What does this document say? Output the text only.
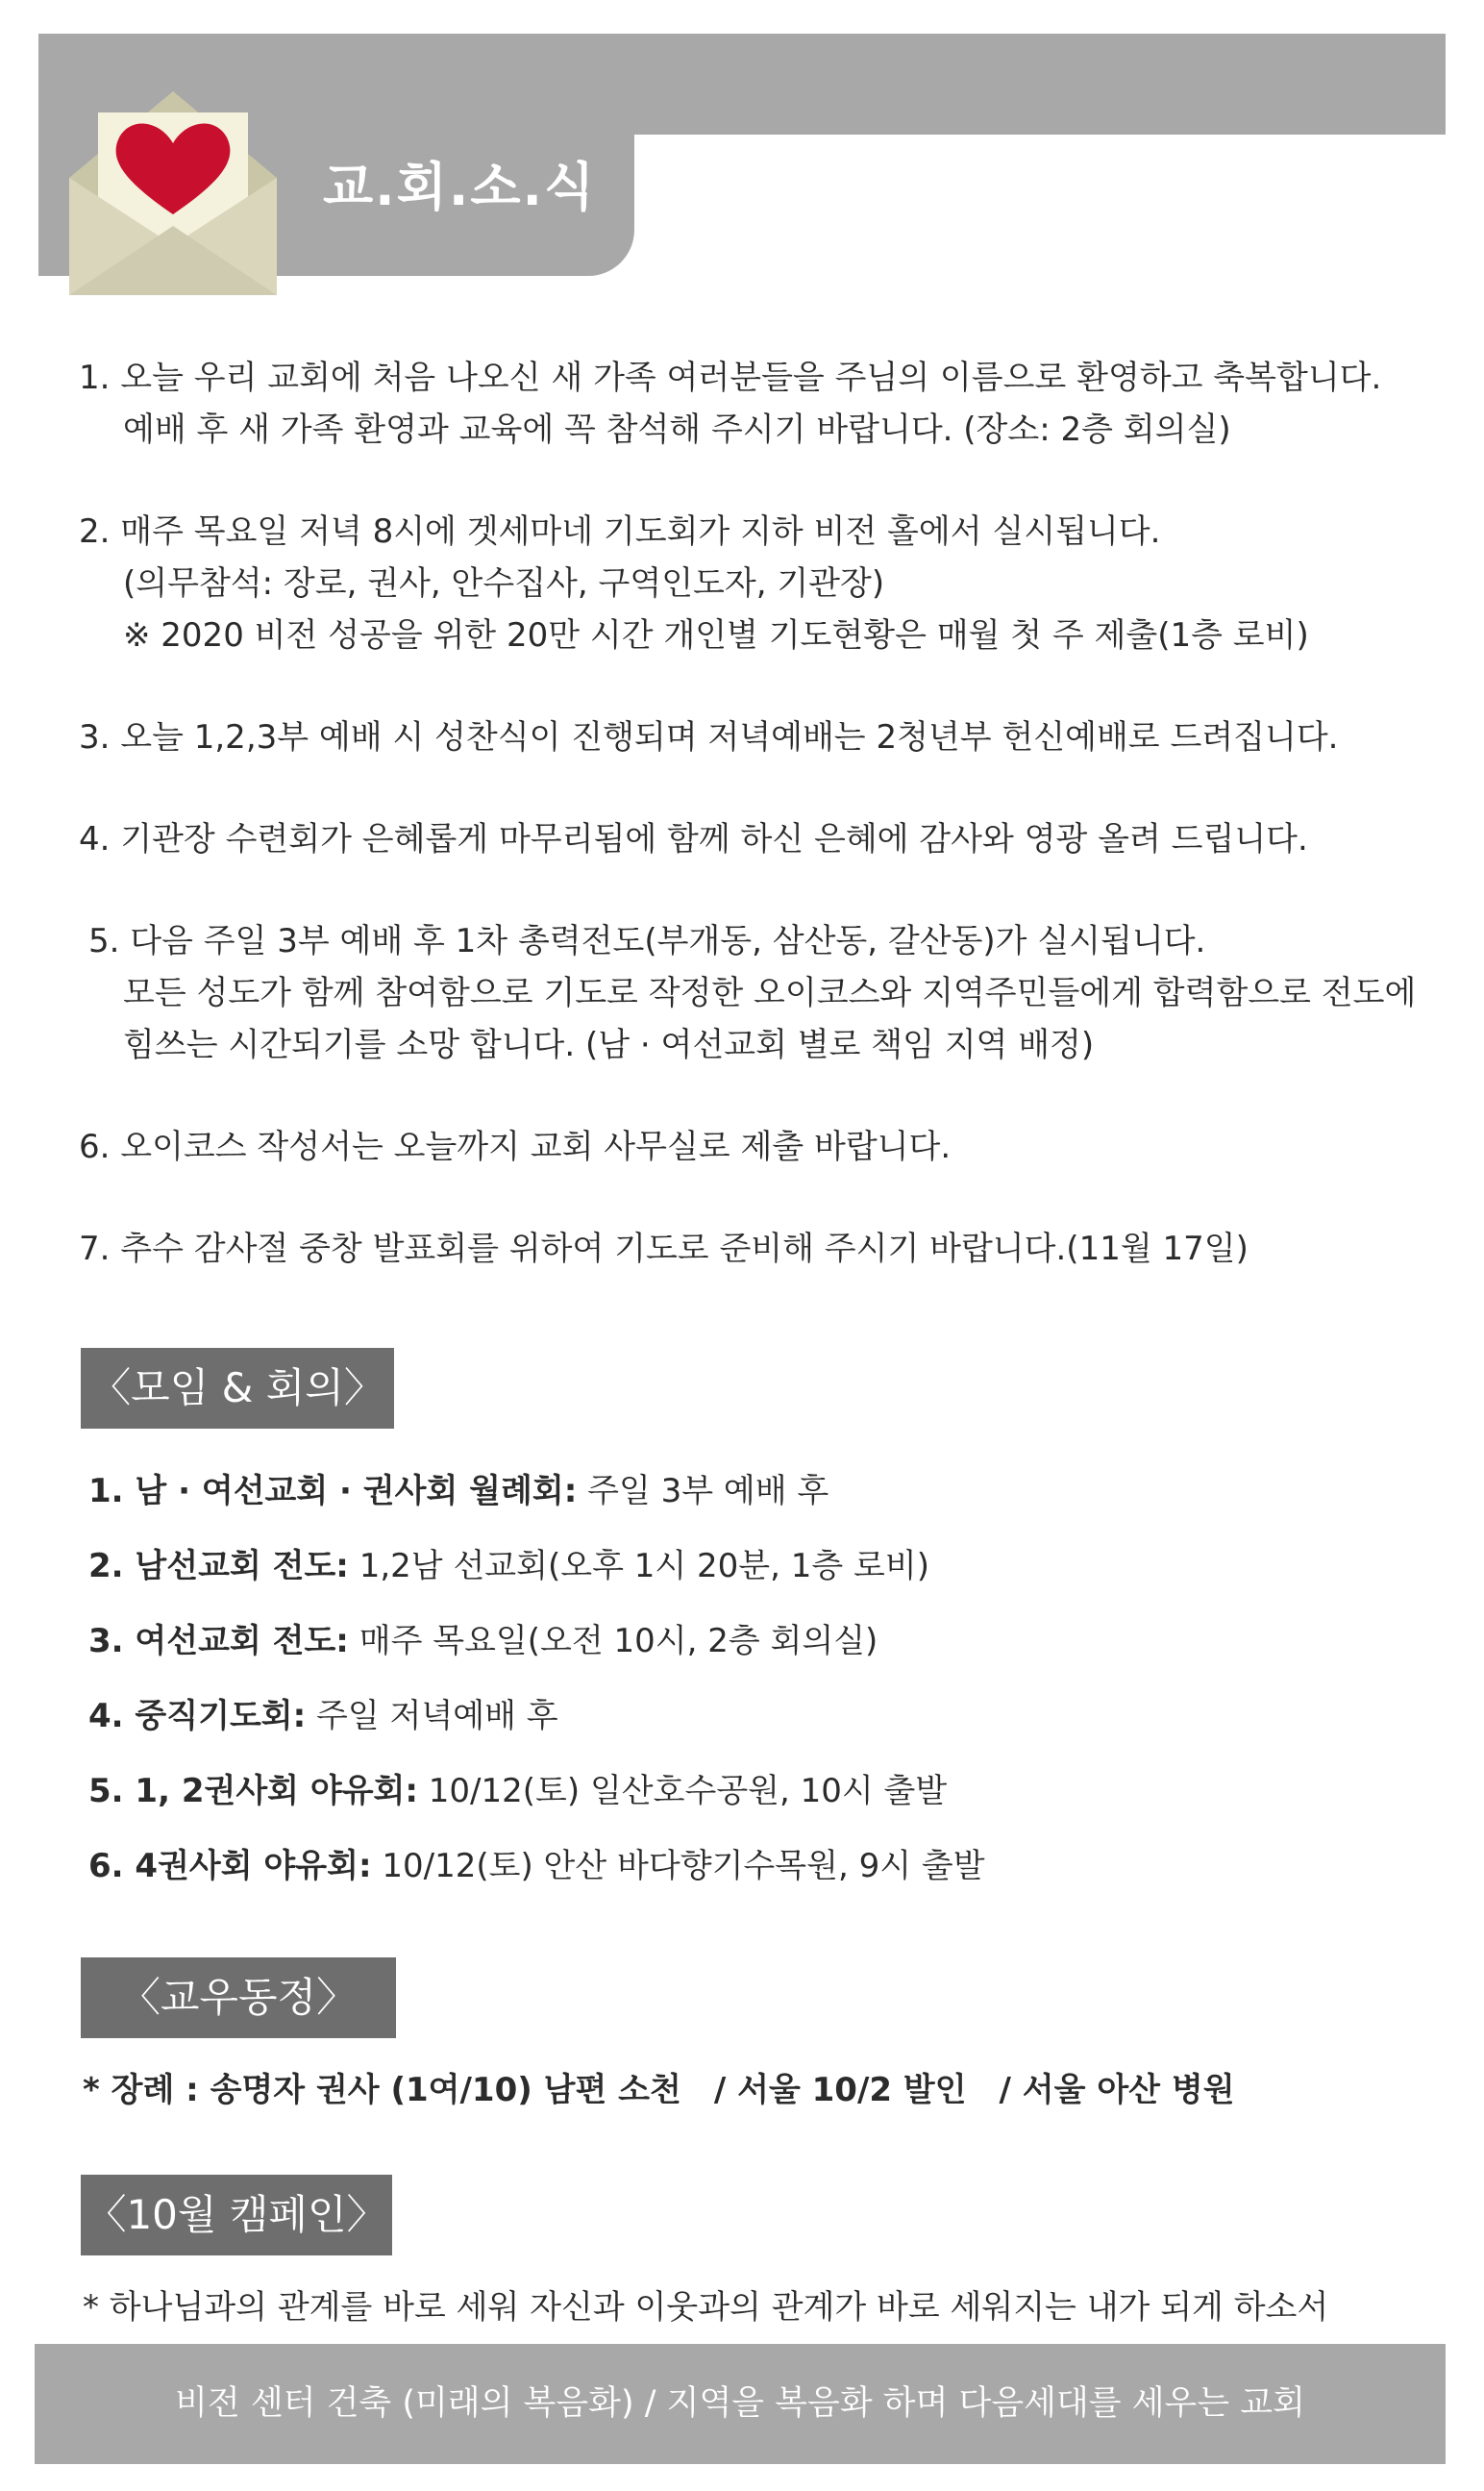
교.회.소.식
1. 오늘 우리 교회에 처음 나오신 새 가족 여러분들을 주님의 이름으로 환영하고 축복합니다.
예배 후 새 가족 환영과 교육에 꼭 참석해 주시기 바랍니다. (장소: 2층 회의실)
2. 매주 목요일 저녁 8시에 겟세마네 기도회가 지하 비전 홀에서 실시됩니다.
(의무참석: 장로, 권사, 안수집사, 구역인도자, 기관장)
※ 2020 비전 성공을 위한 20만 시간 개인별 기도현황은 매월 첫 주 제출(1층 로비)
3. 오늘 1,2,3부 예배 시 성찬식이 진행되며 저녁예배는 2청년부 헌신예배로 드려집니다.
4. 기관장 수련회가 은혜롭게 마무리됨에 함께 하신 은혜에 감사와 영광 올려 드립니다.
5. 다음 주일 3부 예배 후 1차 총력전도(부개동, 삼산동, 갈산동)가 실시됩니다.
모든 성도가 함께 참여함으로 기도로 작정한 오이코스와 지역주민들에게 합력함으로 전도에
힘쓰는 시간되기를 소망 합니다. (남 · 여선교회 별로 책임 지역 배정)
6. 오이코스 작성서는 오늘까지 교회 사무실로 제출 바랍니다.
7. 추수 감사절 중창 발표회를 위하여 기도로 준비해 주시기 바랍니다.(11월 17일)
〈모임 & 회의〉
1. 남 · 여선교회 · 권사회 월례회: 주일 3부 예배 후
2. 남선교회 전도: 1,2남 선교회(오후 1시 20분, 1층 로비)
3. 여선교회 전도: 매주 목요일(오전 10시, 2층 회의실)
4. 중직기도회: 주일 저녁예배 후
5. 1, 2권사회 야유회: 10/12(토) 일산호수공원, 10시 출발
6. 4권사회 야유회: 10/12(토) 안산 바다향기수목원, 9시 출발
〈교우동정〉
* 장례 : 송명자 권사 (1여/10) 남편 소천 / 서울 10/2 발인 / 서울 아산 병원
〈10월 캠페인〉
* 하나님과의 관계를 바로 세워 자신과 이웃과의 관계가 바로 세워지는 내가 되게 하소서
비전 센터 건축 (미래의 복음화) / 지역을 복음화 하며 다음세대를 세우는 교회
